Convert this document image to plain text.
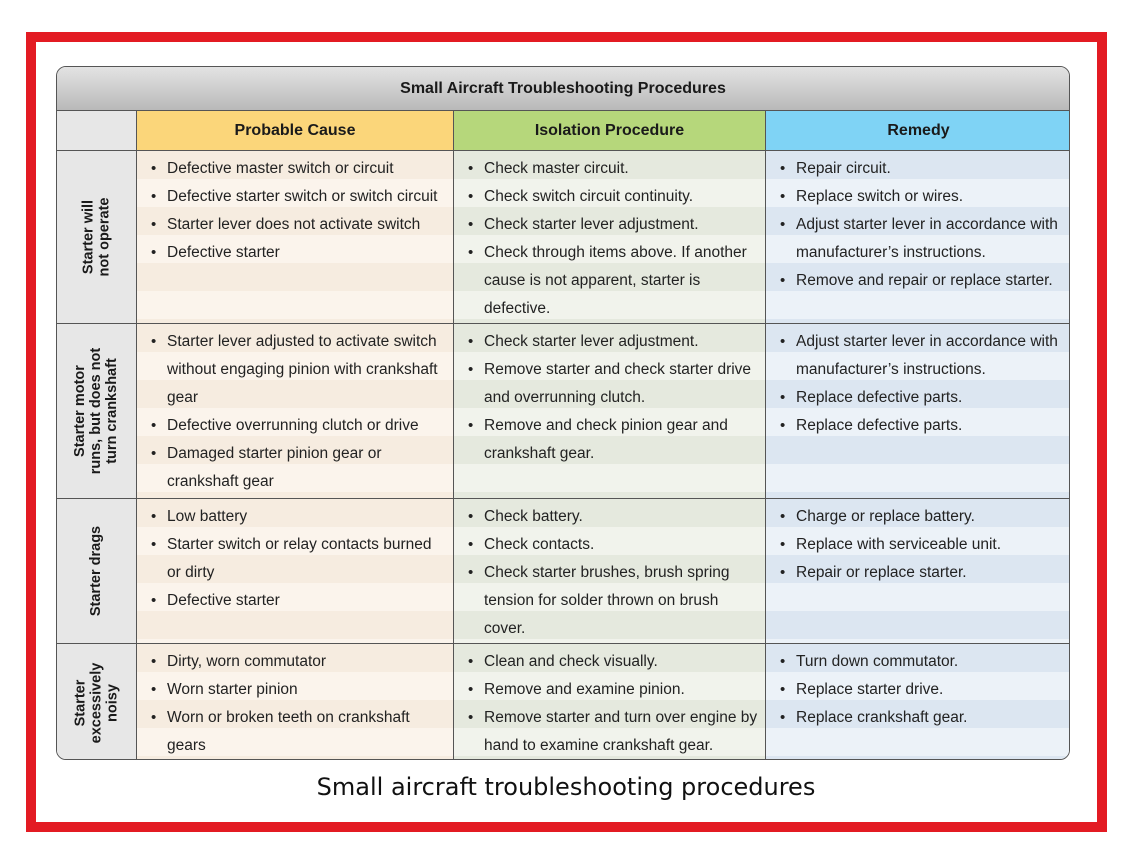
Small Aircraft Troubleshooting Procedures
Probable Cause	Isolation Procedure	Remedy
Starter will not operate
• Defective master switch or circuit
• Defective starter switch or switch circuit
• Starter lever does not activate switch
• Defective starter
• Check master circuit.
• Check switch circuit continuity.
• Check starter lever adjustment.
• Check through items above. If another cause is not apparent, starter is defective.
• Repair circuit.
• Replace switch or wires.
• Adjust starter lever in accordance with manufacturer’s instructions.
• Remove and repair or replace starter.
Starter motor runs, but does not turn crankshaft
• Starter lever adjusted to activate switch without engaging pinion with crankshaft gear
• Defective overrunning clutch or drive
• Damaged starter pinion gear or crankshaft gear
• Check starter lever adjustment.
• Remove starter and check starter drive and overrunning clutch.
• Remove and check pinion gear and crankshaft gear.
• Adjust starter lever in accordance with manufacturer’s instructions.
• Replace defective parts.
• Replace defective parts.
Starter drags
• Low battery
• Starter switch or relay contacts burned or dirty
• Defective starter
• Check battery.
• Check contacts.
• Check starter brushes, brush spring tension for solder thrown on brush cover.
• Charge or replace battery.
• Replace with serviceable unit.
• Repair or replace starter.
Starter excessively noisy
• Dirty, worn commutator
• Worn starter pinion
• Worn or broken teeth on crankshaft gears
• Clean and check visually.
• Remove and examine pinion.
• Remove starter and turn over engine by hand to examine crankshaft gear.
• Turn down commutator.
• Replace starter drive.
• Replace crankshaft gear.
Small aircraft troubleshooting procedures
